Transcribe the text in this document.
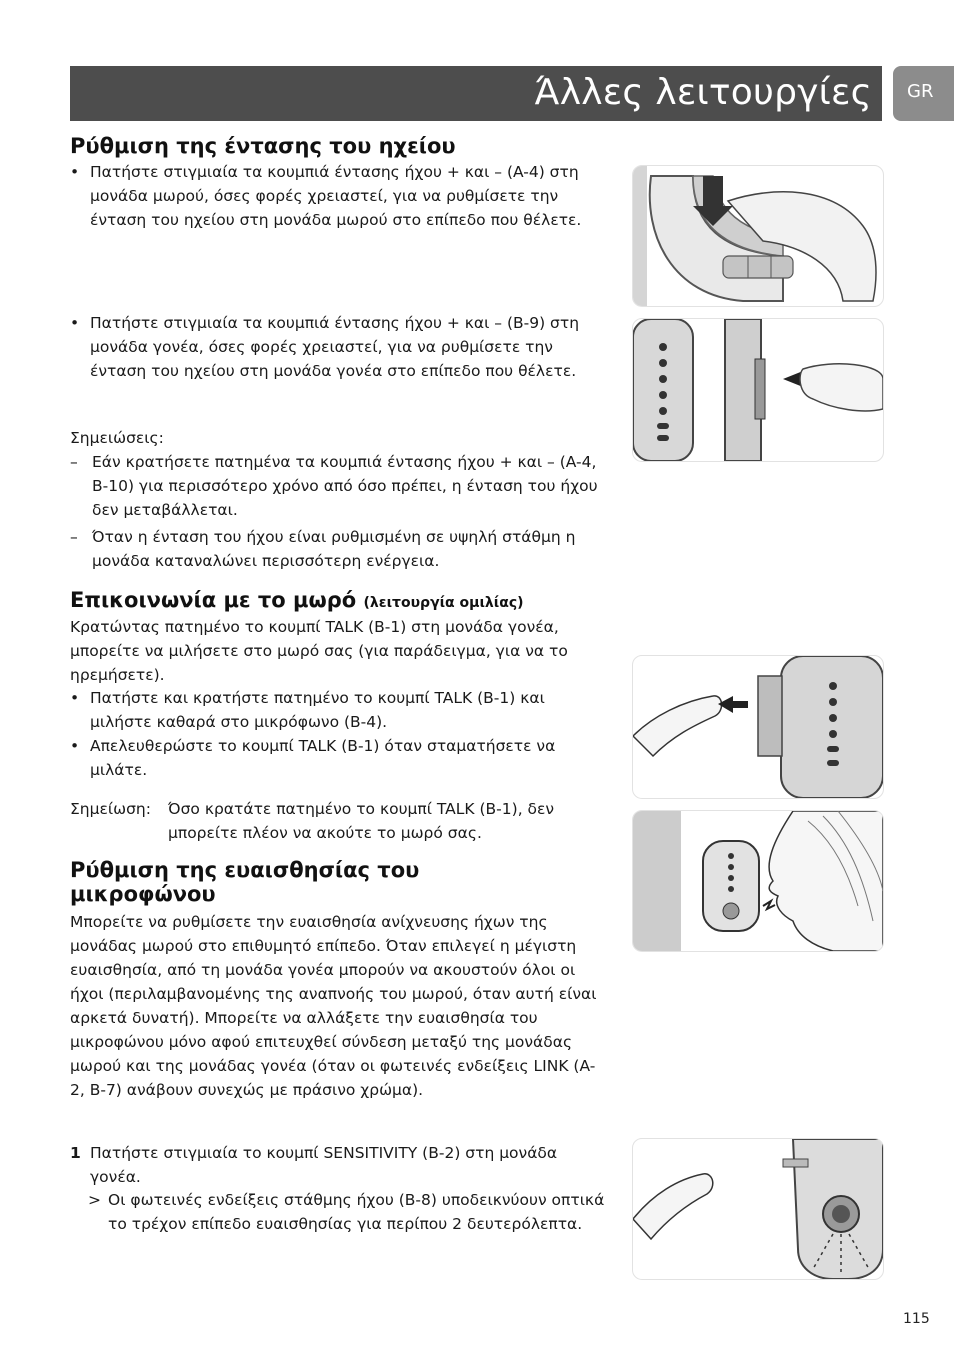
Άλλες λειτουργίες GR
Ρύθμιση της έντασης του ηχείου
• Πατήστε στιγμιαία τα κουμπιά έντασης ήχου + και – (A-4) στη μονάδα μωρού, όσες φορές χρειαστεί, για να ρυθμίσετε την ένταση του ηχείου στη μονάδα μωρού στο επίπεδο που θέλετε.
• Πατήστε στιγμιαία τα κουμπιά έντασης ήχου + και – (B-9) στη μονάδα γονέα, όσες φορές χρειαστεί, για να ρυθμίσετε την ένταση του ηχείου στη μονάδα γονέα στο επίπεδο που θέλετε.
Σημειώσεις:
– Εάν κρατήσετε πατημένα τα κουμπιά έντασης ήχου + και – (A-4, B-10) για περισσότερο χρόνο από όσο πρέπει, η ένταση του ήχου δεν μεταβάλλεται.
– Όταν η ένταση του ήχου είναι ρυθμισμένη σε υψηλή στάθμη η μονάδα καταναλώνει περισσότερη ενέργεια.
Επικοινωνία με το μωρό (λειτουργία ομιλίας)
Κρατώντας πατημένο το κουμπί TALK (B-1) στη μονάδα γονέα, μπορείτε να μιλήσετε στο μωρό σας (για παράδειγμα, για να το ηρεμήσετε).
• Πατήστε και κρατήστε πατημένο το κουμπί TALK (B-1) και μιλήστε καθαρά στο μικρόφωνο (B-4).
• Απελευθερώστε το κουμπί TALK (B-1) όταν σταματήσετε να μιλάτε.
Σημείωση: Όσο κρατάτε πατημένο το κουμπί TALK (B-1), δεν μπορείτε πλέον να ακούτε το μωρό σας.
Ρύθμιση της ευαισθησίας του
μικροφώνου
Μπορείτε να ρυθμίσετε την ευαισθησία ανίχνευσης ήχων της μονάδας μωρού στο επιθυμητό επίπεδο. Όταν επιλεγεί η μέγιστη ευαισθησία, από τη μονάδα γονέα μπορούν να ακουστούν όλοι οι ήχοι (περιλαμβανομένης της αναπνοής του μωρού, όταν αυτή είναι αρκετά δυνατή). Μπορείτε να αλλάξετε την ευαισθησία του μικροφώνου μόνο αφού επιτευχθεί σύνδεση μεταξύ της μονάδας μωρού και της μονάδας γονέα (όταν οι φωτεινές ενδείξεις LINK (A-2, B-7) ανάβουν συνεχώς με πράσινο χρώμα).
1 Πατήστε στιγμιαία το κουμπί SENSITIVITY (B-2) στη μονάδα γονέα.
> Οι φωτεινές ενδείξεις στάθμης ήχου (B-8) υποδεικνύουν οπτικά το τρέχον επίπεδο ευαισθησίας για περίπου 2 δευτερόλεπτα.
115
